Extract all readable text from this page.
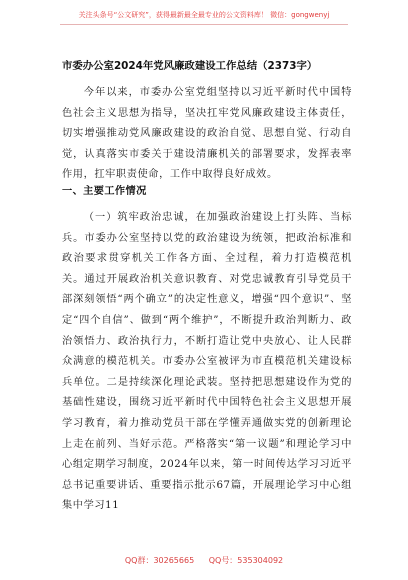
关注头条号“公文研究”，获得最新最全最专业的公文资料库！ 微信：gongwenyj
市委办公室2024年党风廉政建设工作总结（2373字）
今年以来，市委办公室党组坚持以习近平新时代中国特色社会主义思想为指导，坚决扛牢党风廉政建设主体责任，切实增强推动党风廉政建设的政治自觉、思想自觉、行动自觉，认真落实市委关于建设清廉机关的部署要求，发挥表率作用，扛牢职责使命，工作中取得良好成效。
一、主要工作情况
（一）筑牢政治忠诚，在加强政治建设上打头阵、当标兵。市委办公室坚持以党的政治建设为统领，把政治标准和政治要求贯穿机关工作各方面、全过程，着力打造模范机关。通过开展政治机关意识教育、对党忠诚教育引导党员干部深刻领悟“两个确立”的决定性意义，增强“四个意识”、坚定“四个自信”、做到“两个维护”，不断提升政治判断力、政治领悟力、政治执行力，不断打造让党中央放心、让人民群众满意的模范机关。市委办公室被评为市直模范机关建设标兵单位。二是持续深化理论武装。坚持把思想建设作为党的基础性建设，围绕习近平新时代中国特色社会主义思想开展学习教育，着力推动党员干部在学懂弄通做实党的创新理论上走在前列、当好示范。严格落实“第一议题”和理论学习中心组定期学习制度，2024年以来，第一时间传达学习习近平总书记重要讲话、重要指示批示67篇，开展理论学习中心组集中学习11
QQ群：30265665 QQ号：535304092
